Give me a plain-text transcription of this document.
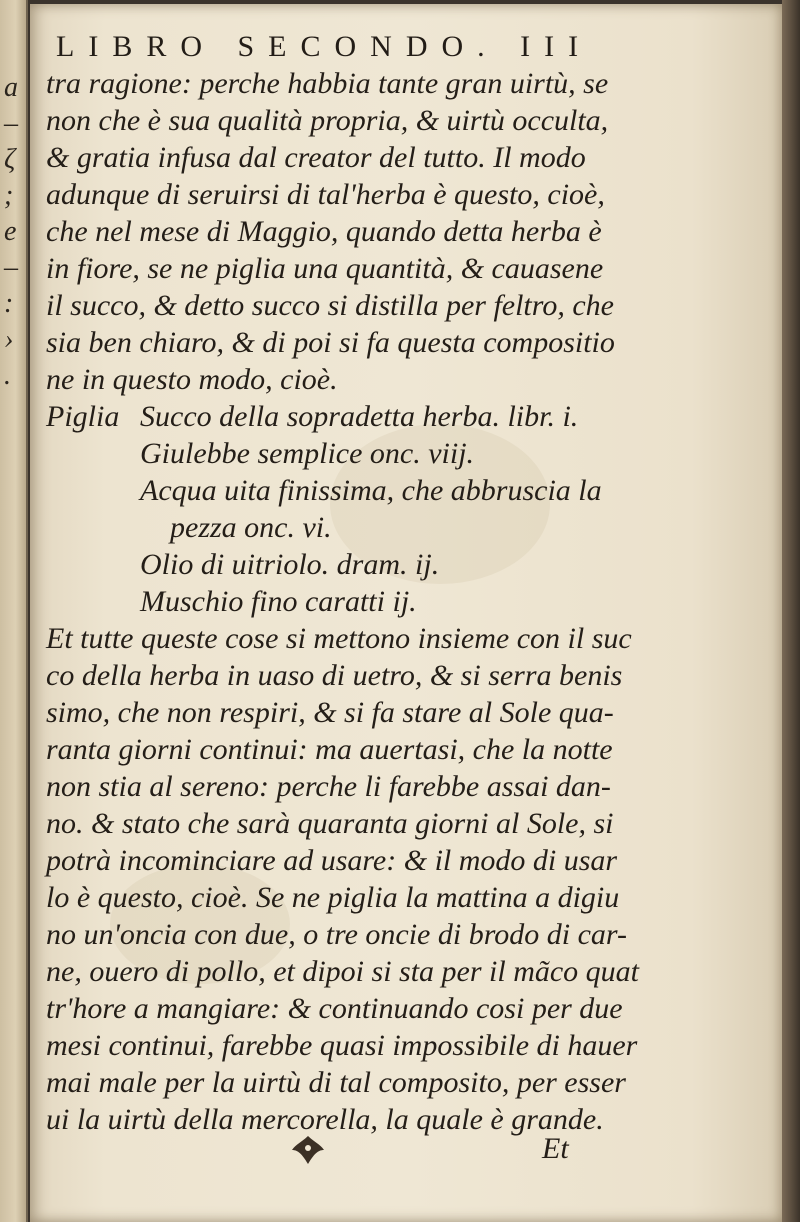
a
–
ζ
;
e
–
:
›
.
LIBRO SECONDO. III
tra ragione: perche habbia tante gran uirtù, se
non che è sua qualità propria, & uirtù occulta,
& gratia infusa dal creator del tutto. Il modo
adunque di seruirsi di tal'herba è questo, cioè,
che nel mese di Maggio, quando detta herba è
in fiore, se ne piglia una quantità, & cauasene
il succo, & detto succo si distilla per feltro, che
sia ben chiaro, & di poi si fa questa compositio
ne in questo modo, cioè.
Piglia Succo della sopradetta herba. libr. i.
Giulebbe semplice onc. viij.
Acqua uita finissima, che abbruscia la
pezza onc. vi.
Olio di uitriolo. dram. ij.
Muschio fino caratti ij.
Et tutte queste cose si mettono insieme con il suc
co della herba in uaso di uetro, & si serra benis
simo, che non respiri, & si fa stare al Sole qua-
ranta giorni continui: ma auertasi, che la notte
non stia al sereno: perche li farebbe assai dan-
no. & stato che sarà quaranta giorni al Sole, si
potrà incominciare ad usare: & il modo di usar
lo è questo, cioè. Se ne piglia la mattina a digiu
no un'oncia con due, o tre oncie di brodo di car-
ne, ouero di pollo, et dipoi si sta per il mãco quat
tr'hore a mangiare: & continuando cosi per due
mesi continui, farebbe quasi impossibile di hauer
mai male per la uirtù di tal composito, per esser
ui la uirtù della mercorella, la quale è grande.
Et
